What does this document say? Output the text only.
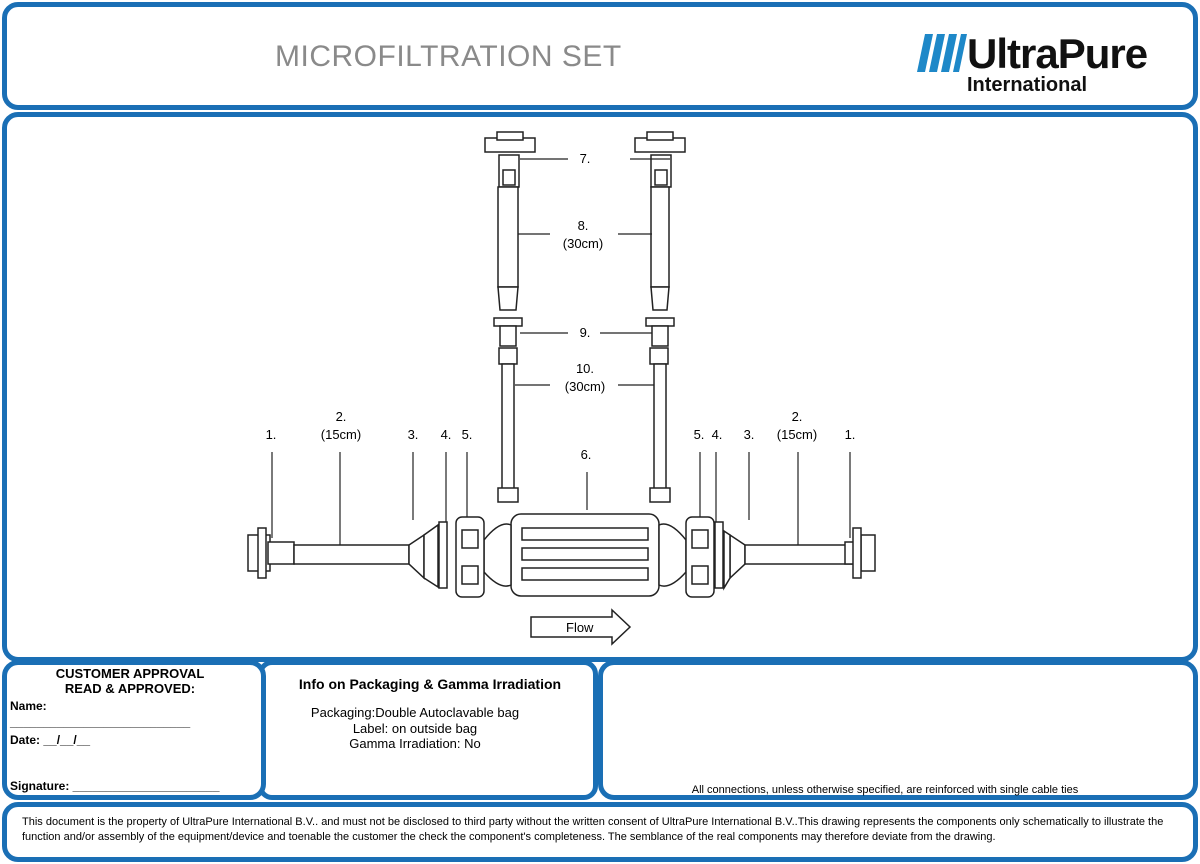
MICROFILTRATION SET	UltraPure
International
7.
8.
(30cm)
9.
10.
(30cm)
1.
2.
(15cm)	3.	4. 5.
6.
5. 4.	3.
2.
(15cm)	1.
Flow
CUSTOMER APPROVAL
READ & APPROVED:
Name:
___________________________
Date: __/__/__
Signature: ______________________
Info on Packaging & Gamma Irradiation
Packaging:Double Autoclavable bag
Label: on outside bag
Gamma Irradiation: No
All connections, unless otherwise specified, are reinforced with single cable ties
This document is the property of UltraPure International B.V.. and must not be disclosed to third party without the written consent of UltraPure International B.V..This drawing represents the components only schematically to illustrate the function and/or assembly of the equipment/device and toenable the customer the check the component's completeness. The semblance of the real components may therefore deviate from the drawing.
